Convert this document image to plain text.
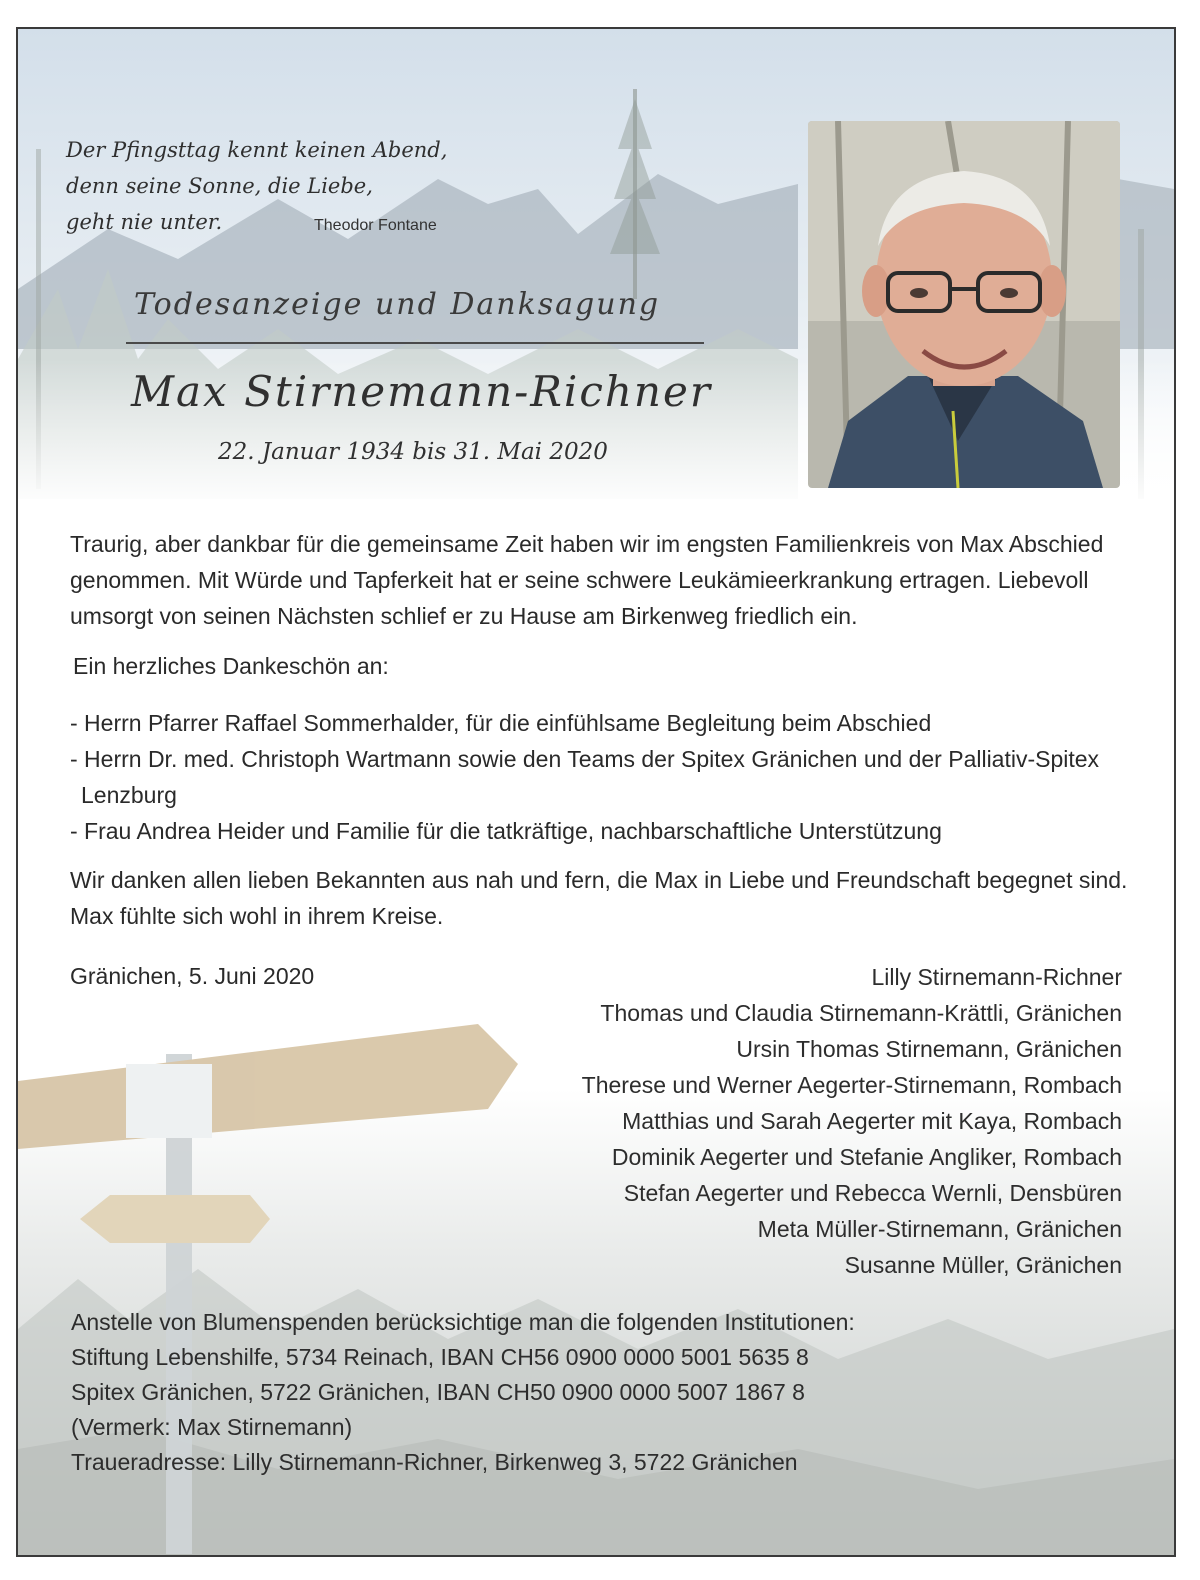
Der Pfingsttag kennt keinen Abend,
denn seine Sonne, die Liebe,
geht nie unter.	Theodor Fontane
Todesanzeige und Danksagung
Max Stirnemann-Richner
22. Januar 1934 bis 31. Mai 2020
Traurig, aber dankbar für die gemeinsame Zeit haben wir im engsten Familienkreis von Max Abschied genommen. Mit Würde und Tapferkeit hat er seine schwere Leukämieerkrankung ertragen. Liebevoll umsorgt von seinen Nächsten schlief er zu Hause am Birkenweg friedlich ein.
Ein herzliches Dankeschön an:
- Herrn Pfarrer Raffael Sommerhalder, für die einfühlsame Begleitung beim Abschied
- Herrn Dr. med. Christoph Wartmann sowie den Teams der Spitex Gränichen und der Palliativ-Spitex
Lenzburg
- Frau Andrea Heider und Familie für die tatkräftige, nachbarschaftliche Unterstützung
Wir danken allen lieben Bekannten aus nah und fern, die Max in Liebe und Freundschaft begegnet sind. Max fühlte sich wohl in ihrem Kreise.
Gränichen, 5. Juni 2020	Lilly Stirnemann-Richner
Thomas und Claudia Stirnemann-Krättli, Gränichen
Ursin Thomas Stirnemann, Gränichen
Therese und Werner Aegerter-Stirnemann, Rombach
Matthias und Sarah Aegerter mit Kaya, Rombach
Dominik Aegerter und Stefanie Angliker, Rombach
Stefan Aegerter und Rebecca Wernli, Densbüren
Meta Müller-Stirnemann, Gränichen
Susanne Müller, Gränichen
Anstelle von Blumenspenden berücksichtige man die folgenden Institutionen:
Stiftung Lebenshilfe, 5734 Reinach, IBAN CH56 0900 0000 5001 5635 8
Spitex Gränichen, 5722 Gränichen, IBAN CH50 0900 0000 5007 1867 8
(Vermerk: Max Stirnemann)
Traueradresse: Lilly Stirnemann-Richner, Birkenweg 3, 5722 Gränichen
